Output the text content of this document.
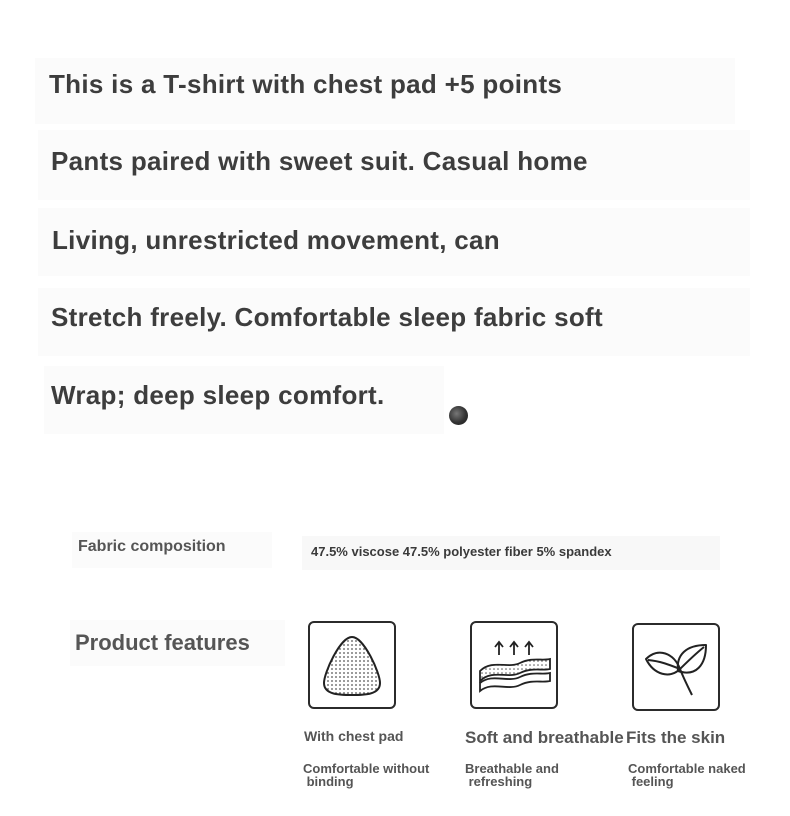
This is a T-shirt with chest pad +5 points
Pants paired with sweet suit. Casual home
Living, unrestricted movement, can
Stretch freely. Comfortable sleep fabric soft
Wrap; deep sleep comfort.
Fabric composition	47.5% viscose 47.5% polyester fiber 5% spandex
Product features
With chest pad
Comfortable without
binding
Soft and breathable
Breathable and
refreshing
Fits the skin
Comfortable naked
feeling
